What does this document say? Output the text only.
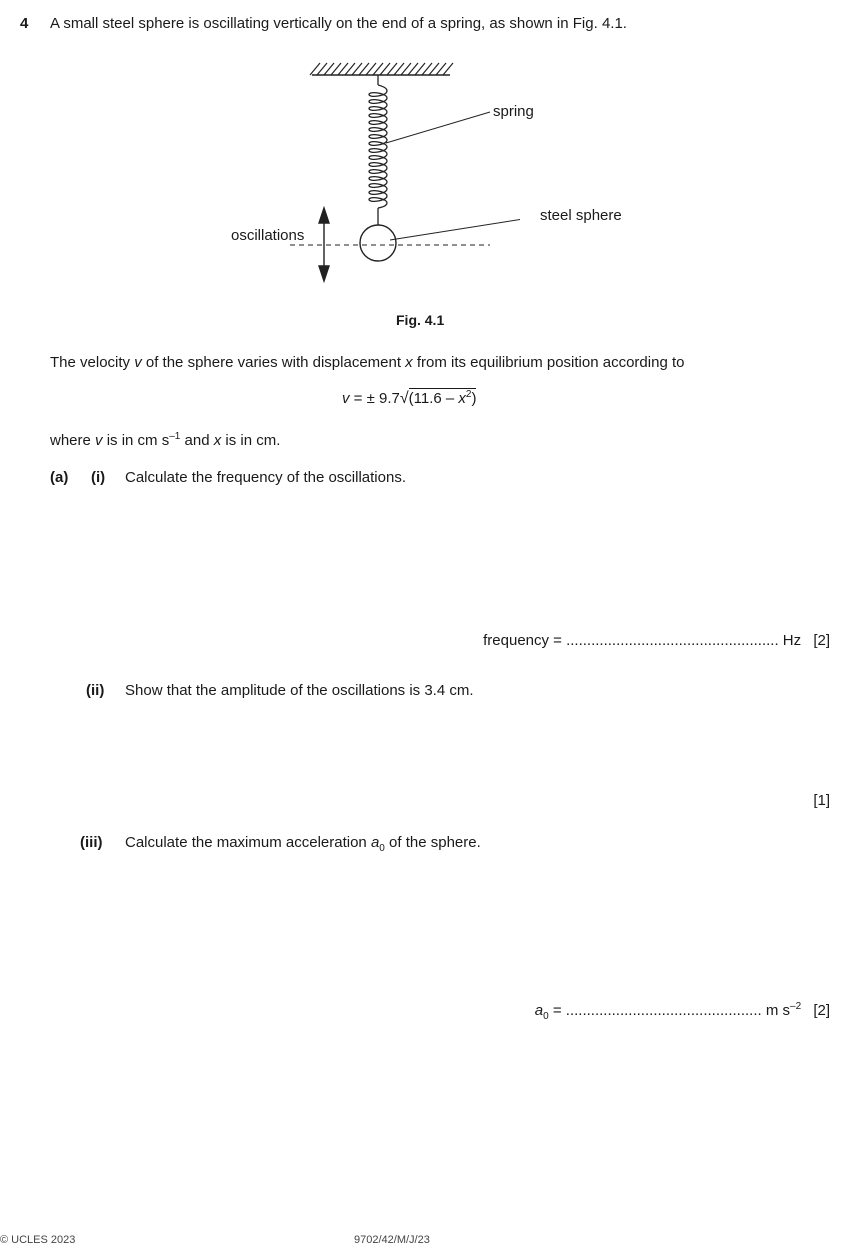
4 A small steel sphere is oscillating vertically on the end of a spring, as shown in Fig. 4.1.
spring
steel sphere
oscillations
Fig. 4.1
The velocity v of the sphere varies with displacement x from its equilibrium position according to
v = ± $9.7√(11.6 - x^2)$
where v is in cm $s^{-1}$ and x is in cm.
(a) (i) Calculate the frequency of the oscillations.
frequency = ................................................... Hz [2]
(ii) Show that the amplitude of the oscillations is 3.4 cm.
[1]
(iii) Calculate the maximum acceleration $a_0$ of the sphere.
$a_0$ = ............................................... m $s^{-2}$ [2]
© UCLES 2023	9702/42/M/J/23
